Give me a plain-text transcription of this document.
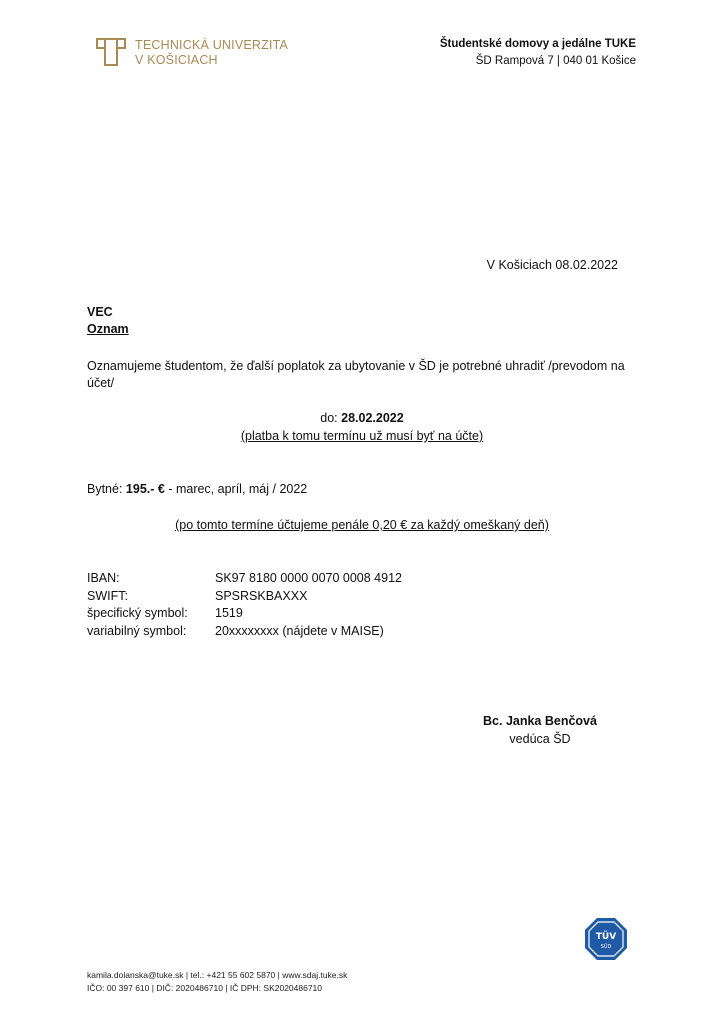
TECHNICKÁ UNIVERZITA
V KOŠICIACH
Študentské domovy a jedálne TUKE
ŠD Rampová 7 | 040 01 Košice
V Košiciach 08.02.2022
VEC
Oznam
Oznamujeme študentom, že ďalší poplatok za ubytovanie v ŠD je potrebné uhradiť /prevodom na účet/
do: 28.02.2022
(platba k tomu termínu už musí byť na účte)
Bytné: 195.- € - marec, apríl, máj / 2022
(po tomto termíne účtujeme penále 0,20 € za každý omeškaný deň)
IBAN:	SK97 8180 0000 0070 0008 4912
SWIFT:	SPSRSKBAXXX
špecifický symbol:	1519
variabilný symbol:	20xxxxxxxx (nájdete v MAISE)
Bc. Janka Benčová
vedúca ŠD
TÜV
SÜD
kamila.dolanska@tuke.sk | tel.: +421 55 602 5870 | www.sdaj.tuke.sk
IČO: 00 397 610 | DIČ: 2020486710 | IČ DPH: SK2020486710
